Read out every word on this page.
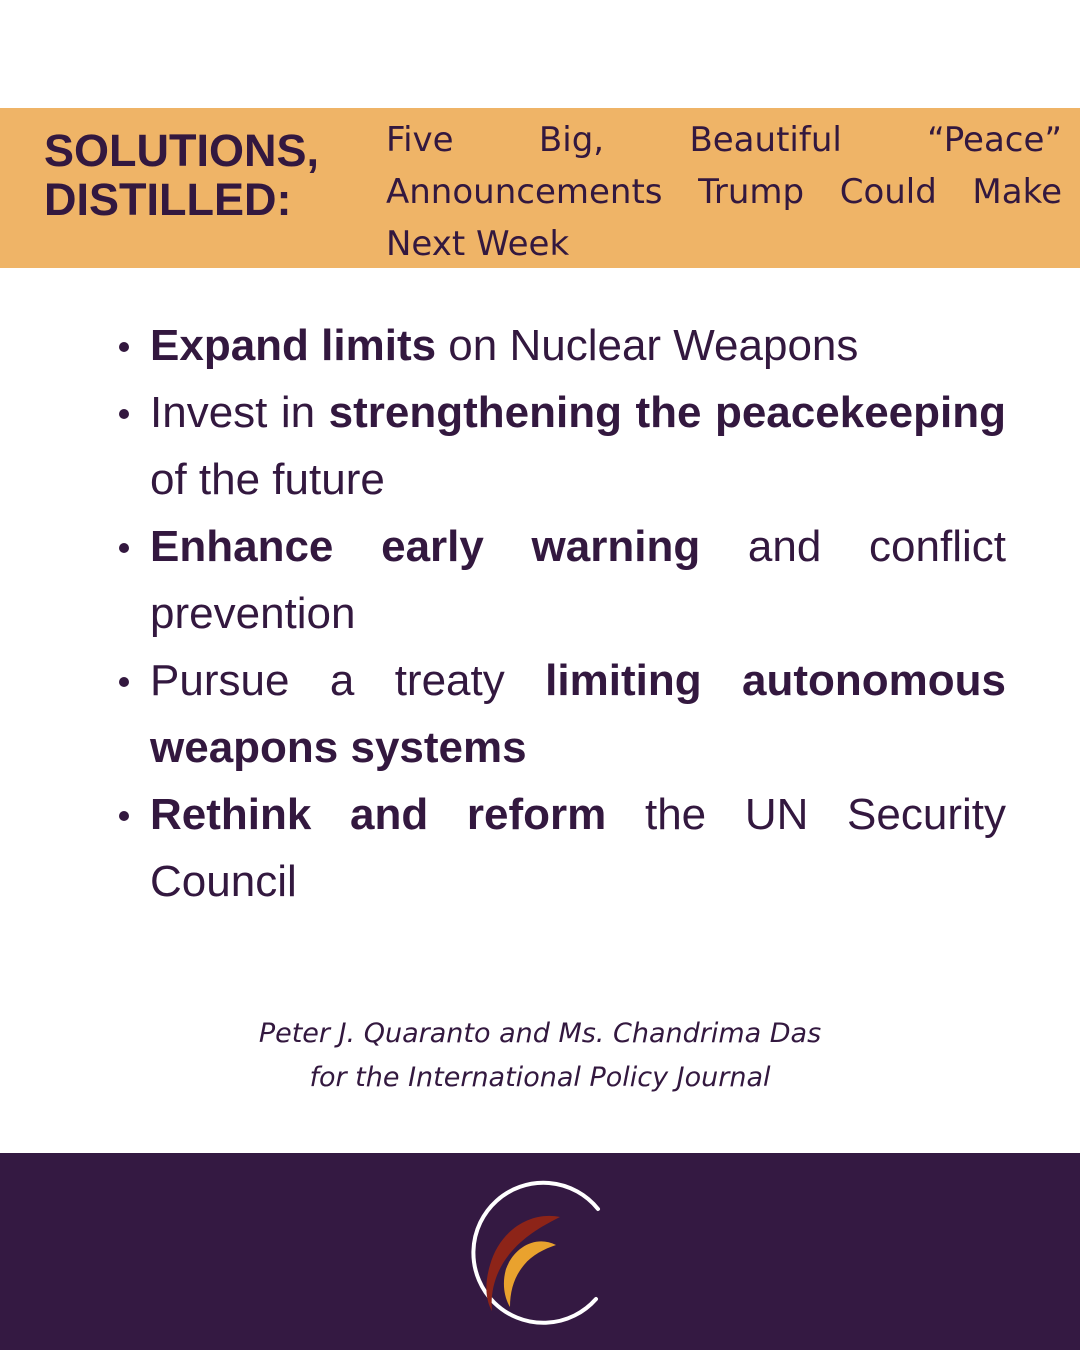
SOLUTIONS,
DISTILLED:
Five Big, Beautiful “Peace” Announcements Trump Could Make Next Week
Expand limits on Nuclear Weapons
Invest in strengthening the peacekeeping of the future
Enhance early warning and conflict prevention
Pursue a treaty limiting autonomous weapons systems
Rethink and reform the UN Security Council
Peter J. Quaranto and Ms. Chandrima Das
for the International Policy Journal
